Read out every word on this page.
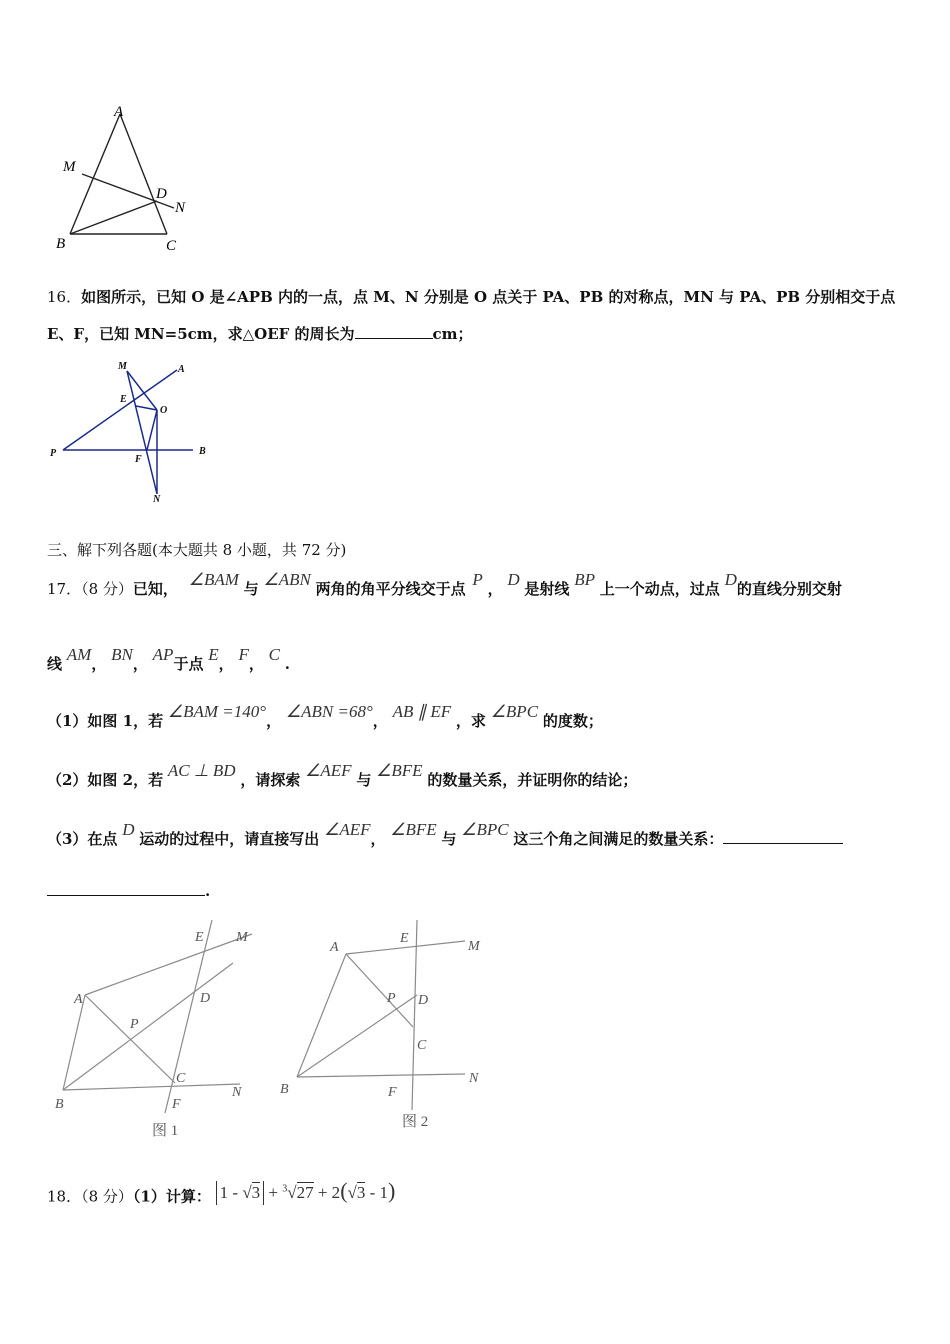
A
M
D
N
B	C
16．如图所示，已知 O 是∠APB 内的一点，点 M、N 分别是 O 点关于 PA、PB 的对称点，MN 与 PA、PB 分别相交于点
E、F，已知 MN=5cm，求△OEF 的周长为	cm；
M	A
E
O
P
F
B
N
三、解下列各题(本大题共 8 小题，共 72 分)
17．（8 分）已知， ∠BAM 与 ∠ABN 两角的角平分线交于点 P ， D 是射线 BP 上一个动点，过点 D的直线分别交射
线 AM， BN， AP于点 E， F， C .
（1）如图 1，若 ∠BAM =140°， ∠ABN =68°， AB ∥ EF ，求 ∠BPC 的度数；
（2）如图 2，若 AC ⊥ BD ，请探索 ∠AEF 与 ∠BFE 的数量关系，并证明你的结论；
（3）在点 D 运动的过程中，请直接写出 ∠AEF， ∠BFE 与 ∠BPC 这三个角之间满足的数量关系：
.
E M
A	D
P
C
N
B	F
图 1
A
E
M
P D
C
B	F
N
图 2
18．（8 分）（1）计算： 1 - √3 + $^3$√27 + 2(√3 - 1)
